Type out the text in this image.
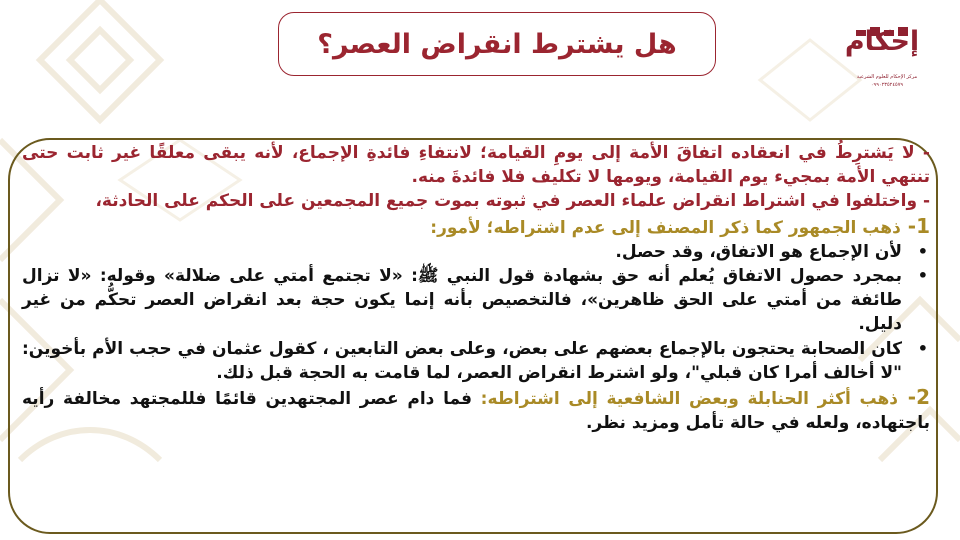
هل يشترط انقراض العصر؟	إحكام
مركز الإحكام للعلوم الشرعية
٠٩٩٠٢٣٥٢٤٥٧٩

- لا يَشترِطُ في انعقاده اتفاقَ الأمة إلى يومِ القيامة؛ لانتفاءِ فائدةِ الإجماع، لأنه يبقى معلقًا غير ثابت حتى تنتهي الأمة بمجيء يوم القيامة، ويومها لا تكليف فلا فائدةَ منه.

- واختلفوا في اشتراط انقراض علماء العصر في ثبوته بموت جميع المجمعين على الحكم على الحادثة،

1- ذهب الجمهور كما ذكر المصنف إلى عدم اشتراطه؛ لأمور:

•
لأن الإجماع هو الاتفاق، وقد حصل.
•
بمجرد حصول الاتفاق يُعلم أنه حق بشهادة قول النبي ﷺ: «لا تجتمع أمتي على ضلالة» وقوله: «لا تزال طائفة من أمتي على الحق ظاهرين»، فالتخصيص بأنه إنما يكون حجة بعد انقراض العصر تحكُّم من غير دليل.
•
كان الصحابة يحتجون بالإجماع بعضهم على بعض، وعلى بعض التابعين ، كقول عثمان في حجب الأم بأخوين: "لا أخالف أمرا كان قبلي"، ولو اشترط انقراض العصر، لما قامت به الحجة قبل ذلك.

2- ذهب أكثر الحنابلة وبعض الشافعية إلى اشتراطه: فما دام عصر المجتهدين قائمًا فللمجتهد مخالفة رأيه باجتهاده، ولعله في حالة تأمل ومزيد نظر.
